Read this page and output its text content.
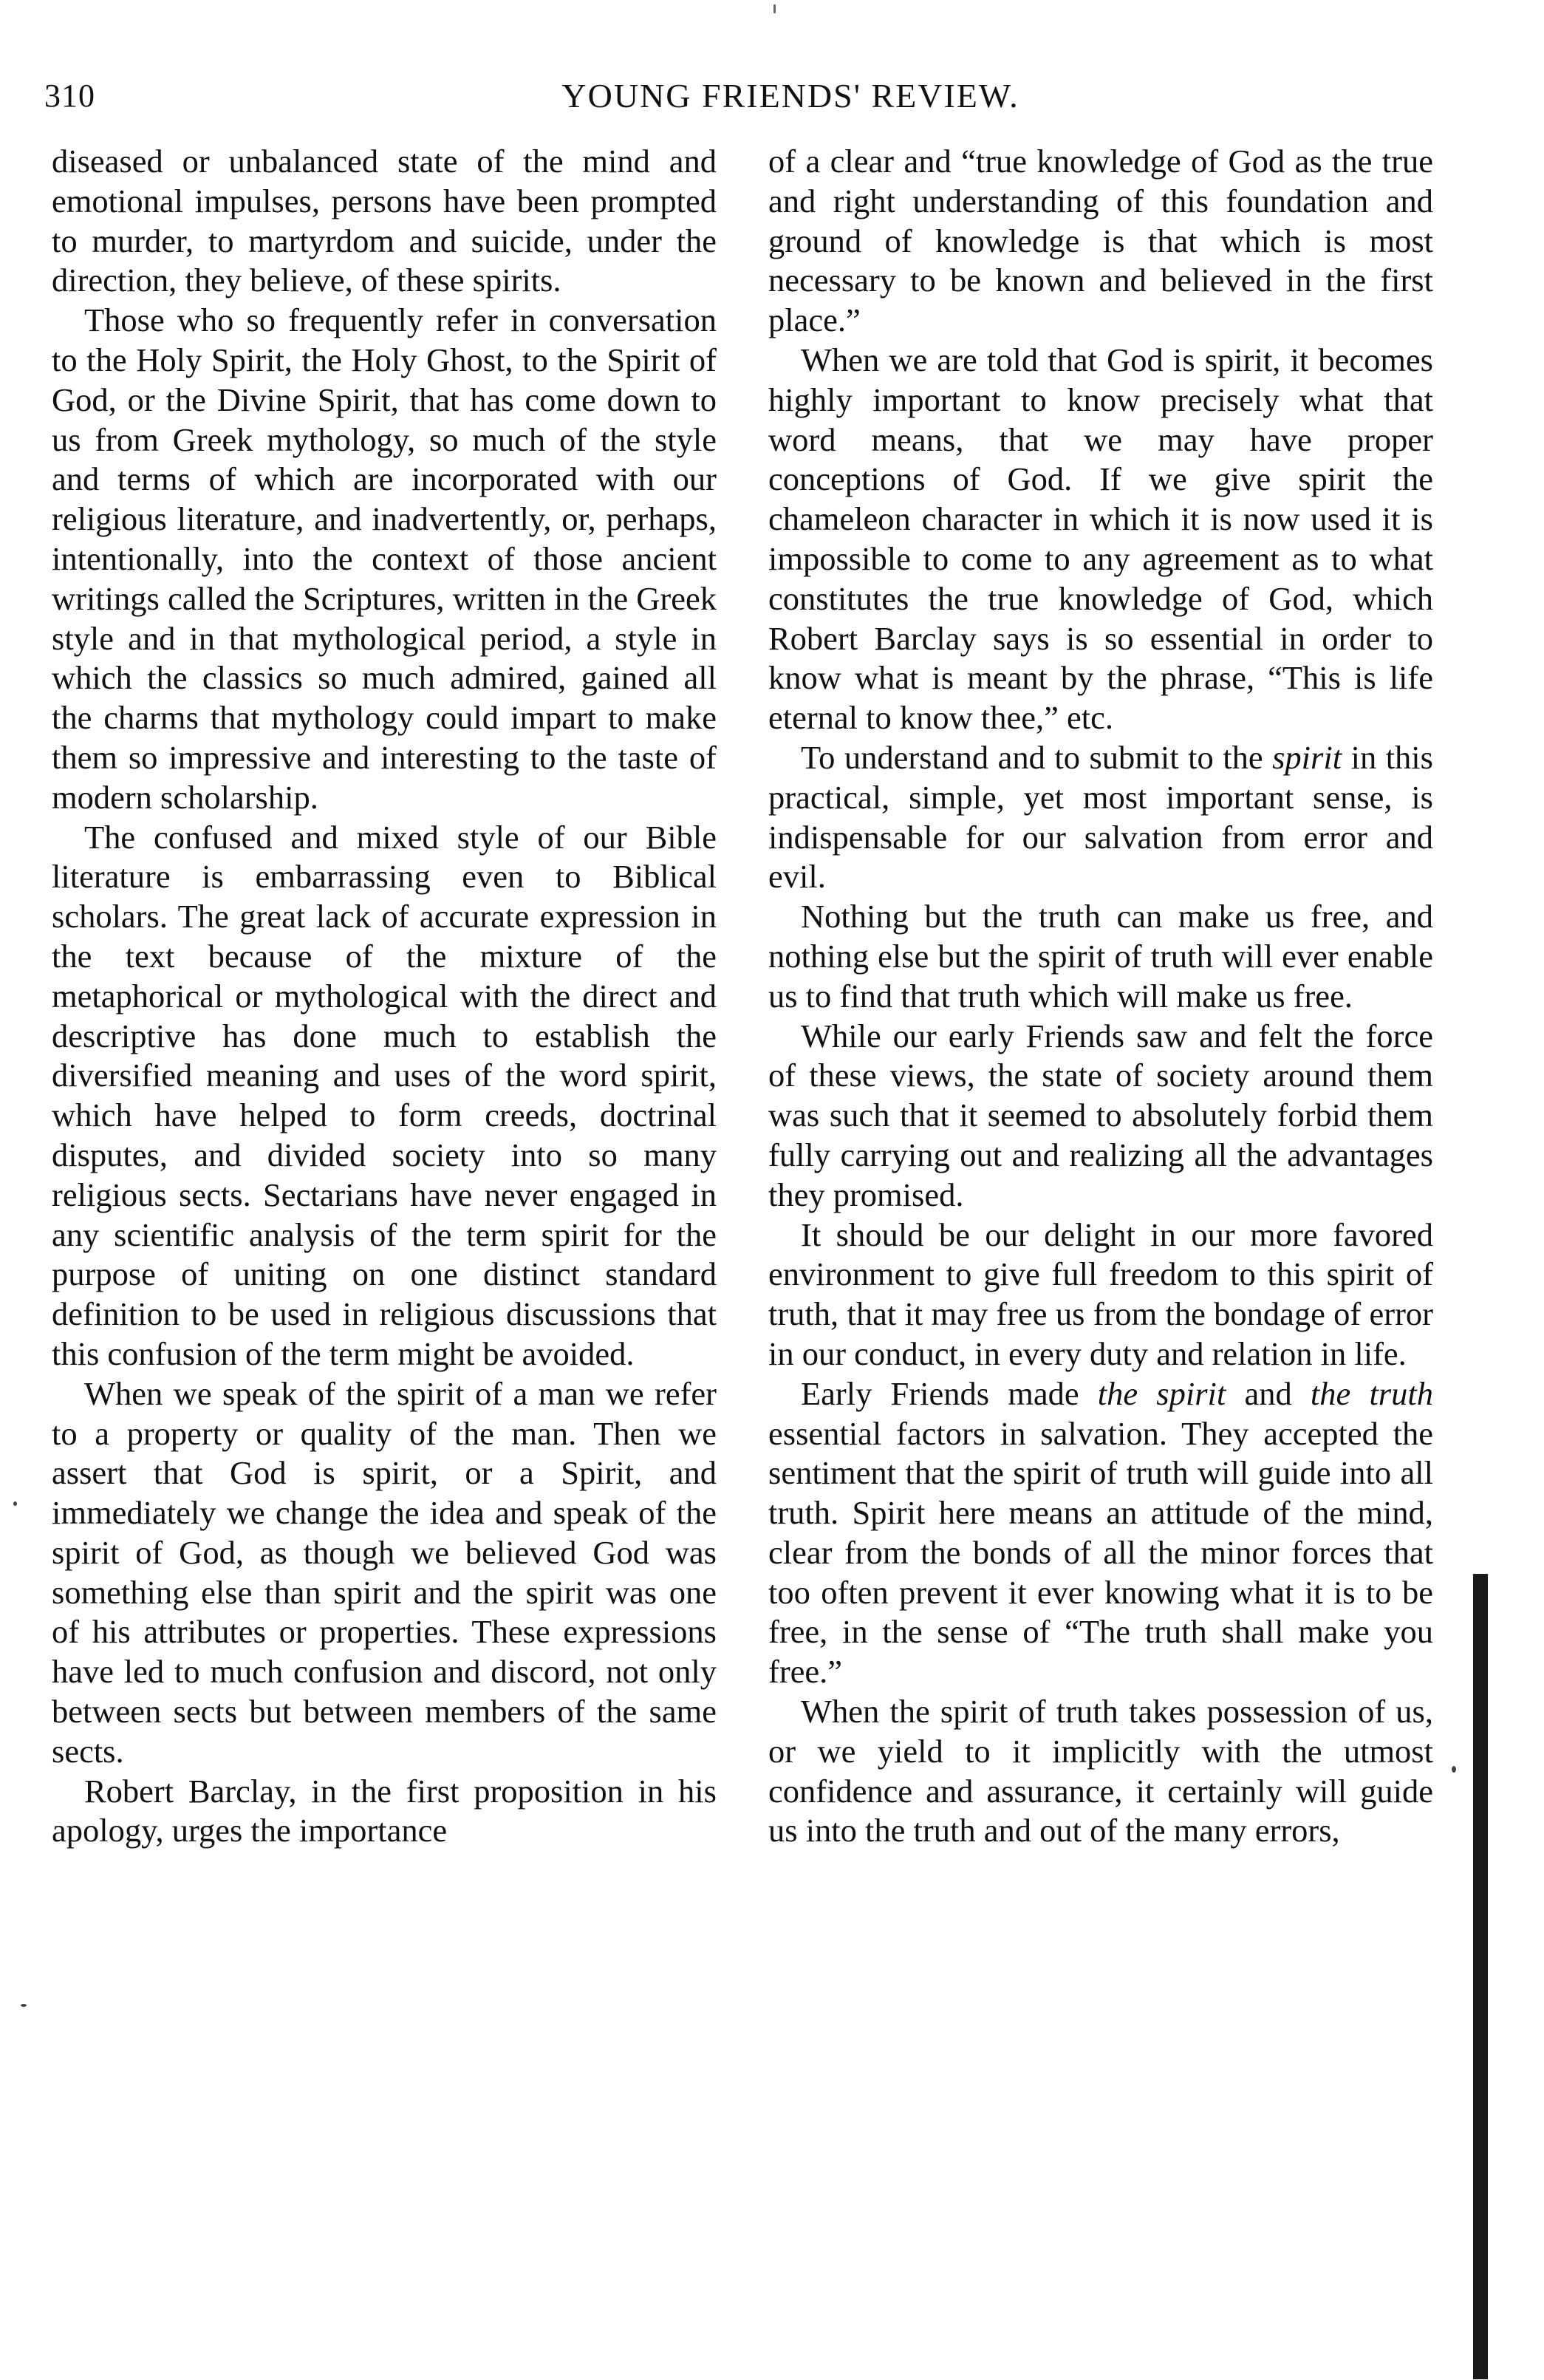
310	YOUNG FRIENDS' REVIEW.

diseased or unbalanced state of the mind and emotional impulses, persons have been prompted to murder, to martyrdom and suicide, under the direction, they believe, of these spirits.

Those who so frequently refer in conversation to the Holy Spirit, the Holy Ghost, to the Spirit of God, or the Divine Spirit, that has come down to us from Greek mythology, so much of the style and terms of which are incorporated with our religious literature, and inadvertently, or, perhaps, intentionally, into the context of those ancient writings called the Scriptures, written in the Greek style and in that mythological period, a style in which the classics so much admired, gained all the charms that mythology could impart to make them so impressive and interesting to the taste of modern scholarship.

The confused and mixed style of our Bible literature is embarrassing even to Biblical scholars. The great lack of accurate expression in the text because of the mixture of the metaphorical or mythological with the direct and descriptive has done much to establish the diversified meaning and uses of the word spirit, which have helped to form creeds, doctrinal disputes, and divided society into so many religious sects. Sectarians have never engaged in any scientific analysis of the term spirit for the purpose of uniting on one distinct standard definition to be used in religious discussions that this confusion of the term might be avoided.

When we speak of the spirit of a man we refer to a property or quality of the man. Then we assert that God is spirit, or a Spirit, and immediately we change the idea and speak of the spirit of God, as though we believed God was something else than spirit and the spirit was one of his attributes or properties. These expressions have led to much confusion and discord, not only between sects but between members of the same sects.

Robert Barclay, in the first proposition in his apology, urges the importance

of a clear and “true knowledge of God as the true and right understanding of this foundation and ground of knowledge is that which is most necessary to be known and believed in the first place.”

When we are told that God is spirit, it becomes highly important to know precisely what that word means, that we may have proper conceptions of God. If we give spirit the chameleon character in which it is now used it is impossible to come to any agreement as to what constitutes the true knowledge of God, which Robert Barclay says is so essential in order to know what is meant by the phrase, “This is life eternal to know thee,” etc.

To understand and to submit to the spirit in this practical, simple, yet most important sense, is indispensable for our salvation from error and evil.

Nothing but the truth can make us free, and nothing else but the spirit of truth will ever enable us to find that truth which will make us free.

While our early Friends saw and felt the force of these views, the state of society around them was such that it seemed to absolutely forbid them fully carrying out and realizing all the advantages they promised.

It should be our delight in our more favored environment to give full freedom to this spirit of truth, that it may free us from the bondage of error in our conduct, in every duty and relation in life.

Early Friends made the spirit and the truth essential factors in salvation. They accepted the sentiment that the spirit of truth will guide into all truth. Spirit here means an attitude of the mind, clear from the bonds of all the minor forces that too often prevent it ever knowing what it is to be free, in the sense of “The truth shall make you free.”

When the spirit of truth takes possession of us, or we yield to it implicitly with the utmost confidence and assurance, it certainly will guide us into the truth and out of the many errors,
